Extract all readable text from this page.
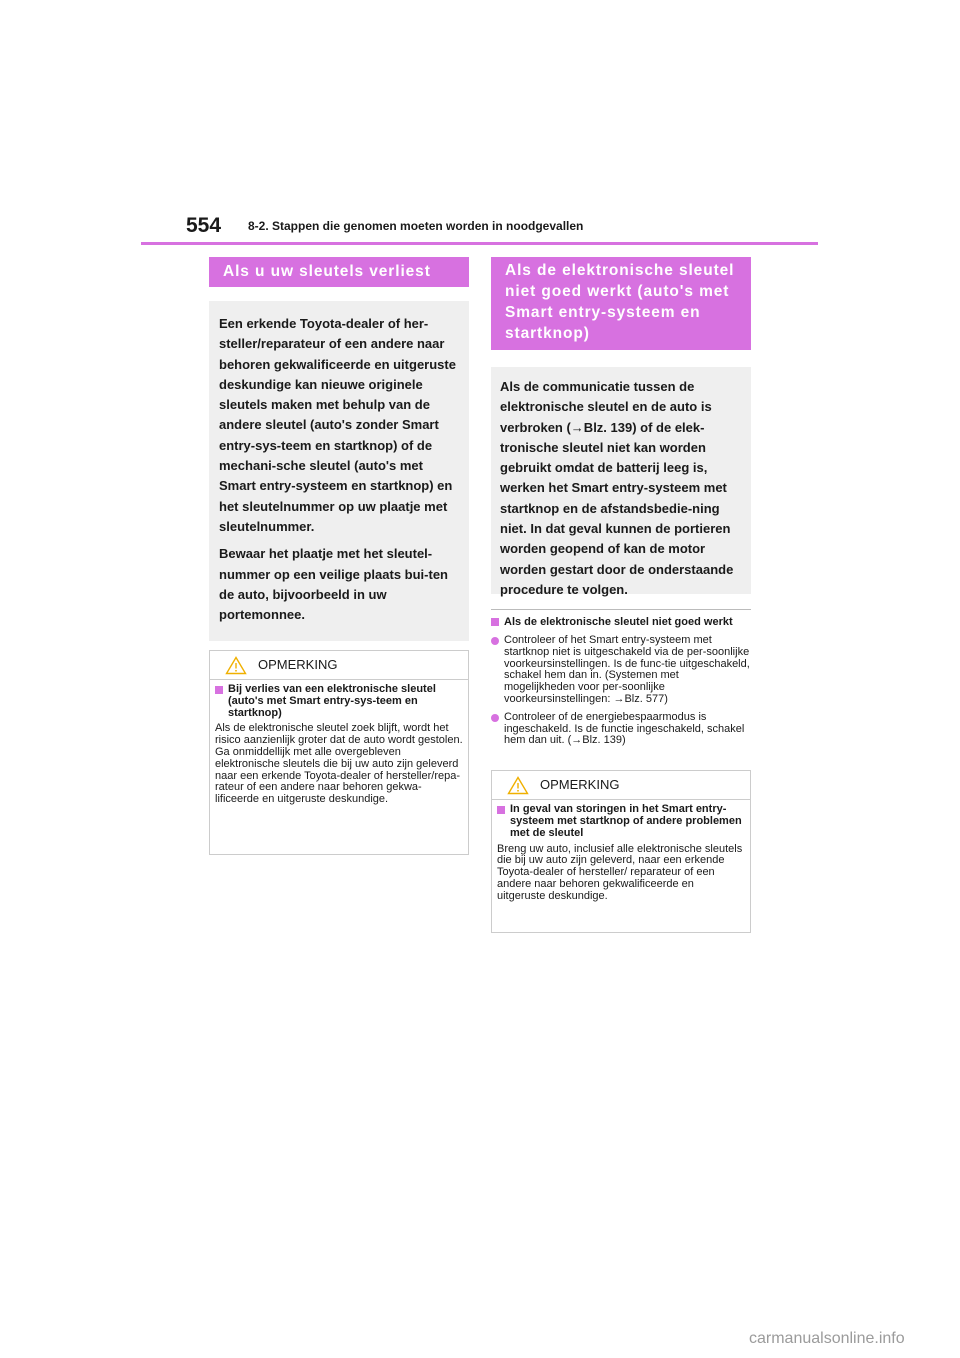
554 8-2. Stappen die genomen moeten worden in noodgevallen
Als u uw sleutels verliest

Een erkende Toyota-dealer of her-steller/reparateur of een andere naar behoren gekwalificeerde en uitgeruste deskundige kan nieuwe originele sleutels maken met behulp van de andere sleutel (auto's zonder Smart entry-sys-teem en startknop) of de mechani-sche sleutel (auto's met Smart entry-systeem en startknop) en het sleutelnummer op uw plaatje met sleutelnummer.

Bewaar het plaatje met het sleutel-nummer op een veilige plaats bui-ten de auto, bijvoorbeeld in uw portemonnee.

OPMERKING
Bij verlies van een elektronische sleutel (auto's met Smart entry-sys-teem en startknop)

Als de elektronische sleutel zoek blijft, wordt het risico aanzienlijk groter dat de auto wordt gestolen. Ga onmiddellijk met alle overgebleven elektronische sleutels die bij uw auto zijn geleverd naar een erkende Toyota-dealer of hersteller/repa-rateur of een andere naar behoren gekwa-lificeerde en uitgeruste deskundige.

Als de elektronische sleutel niet goed werkt (auto's met Smart entry-systeem en startknop)

Als de communicatie tussen de elektronische sleutel en de auto is verbroken (→Blz. 139) of de elek-tronische sleutel niet kan worden gebruikt omdat de batterij leeg is, werken het Smart entry-systeem met startknop en de afstandsbedie-ning niet. In dat geval kunnen de portieren worden geopend of kan de motor worden gestart door de onderstaande procedure te volgen.

Als de elektronische sleutel niet goed werkt
Controleer of het Smart entry-systeem met startknop niet is uitgeschakeld via de per-soonlijke voorkeursinstellingen. Is de func-tie uitgeschakeld, schakel hem dan in. (Systemen met mogelijkheden voor per-soonlijke voorkeursinstellingen: →Blz. 577)
Controleer of de energiebespaarmodus is ingeschakeld. Is de functie ingeschakeld, schakel hem dan uit. (→Blz. 139)
OPMERKING
In geval van storingen in het Smart entry-systeem met startknop of andere problemen met de sleutel

Breng uw auto, inclusief alle elektronische sleutels die bij uw auto zijn geleverd, naar een erkende Toyota-dealer of hersteller/ reparateur of een andere naar behoren gekwalificeerde en uitgeruste deskundige.

carmanualsonline.info
